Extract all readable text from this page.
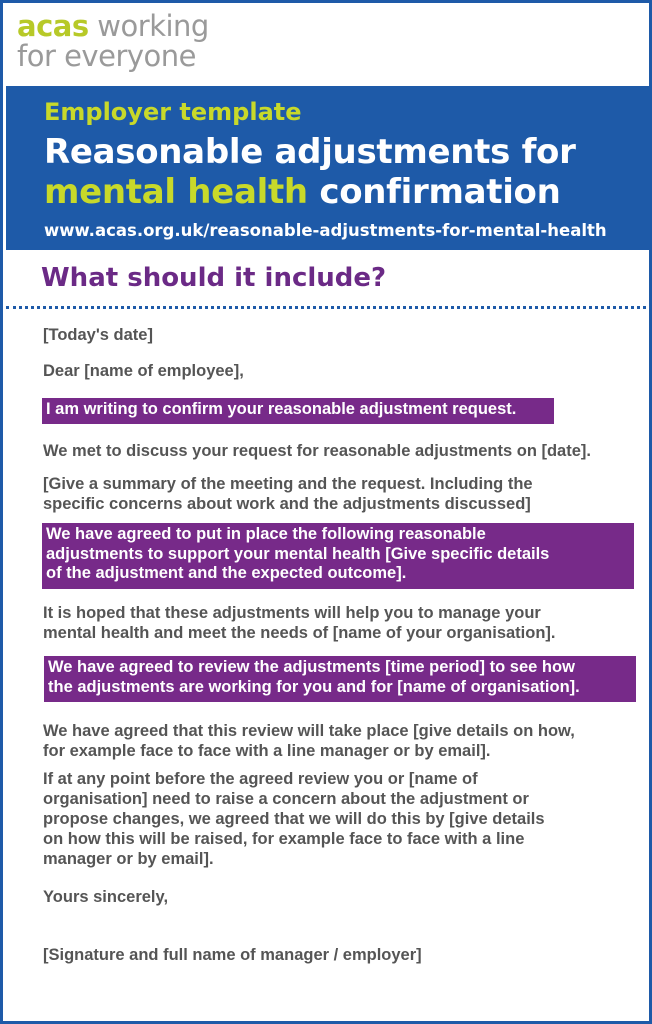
acas working
for everyone
Employer template
Reasonable adjustments for
mental health confirmation
www.acas.org.uk/reasonable-adjustments-for-mental-health
What should it include?
[Today's date]
Dear [name of employee],
I am writing to confirm your reasonable adjustment request.
We met to discuss your request for reasonable adjustments on [date].
[Give a summary of the meeting and the request. Including the
specific concerns about work and the adjustments discussed]
We have agreed to put in place the following reasonable
adjustments to support your mental health [Give specific details
of the adjustment and the expected outcome].
It is hoped that these adjustments will help you to manage your
mental health and meet the needs of [name of your organisation].
We have agreed to review the adjustments [time period] to see how
the adjustments are working for you and for [name of organisation].
We have agreed that this review will take place [give details on how,
for example face to face with a line manager or by email].
If at any point before the agreed review you or [name of
organisation] need to raise a concern about the adjustment or
propose changes, we agreed that we will do this by [give details
on how this will be raised, for example face to face with a line
manager or by email].
Yours sincerely,
[Signature and full name of manager / employer]
